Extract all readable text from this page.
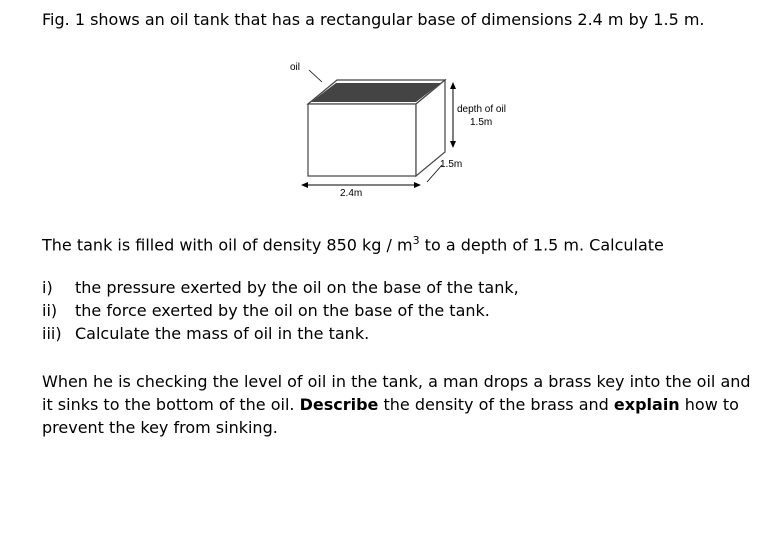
Fig. 1 shows an oil tank that has a rectangular base of dimensions 2.4 m by 1.5 m.
oil
depth of oil
1.5m
1.5m
2.4m
The tank is filled with oil of density 850 kg / $m^3$ to a depth of 1.5 m. Calculate
i) the pressure exerted by the oil on the base of the tank,
ii) the force exerted by the oil on the base of the tank.
iii) Calculate the mass of oil in the tank.
When he is checking the level of oil in the tank, a man drops a brass key into the oil and it sinks to the bottom of the oil. Describe the density of the brass and explain how to prevent the key from sinking.
